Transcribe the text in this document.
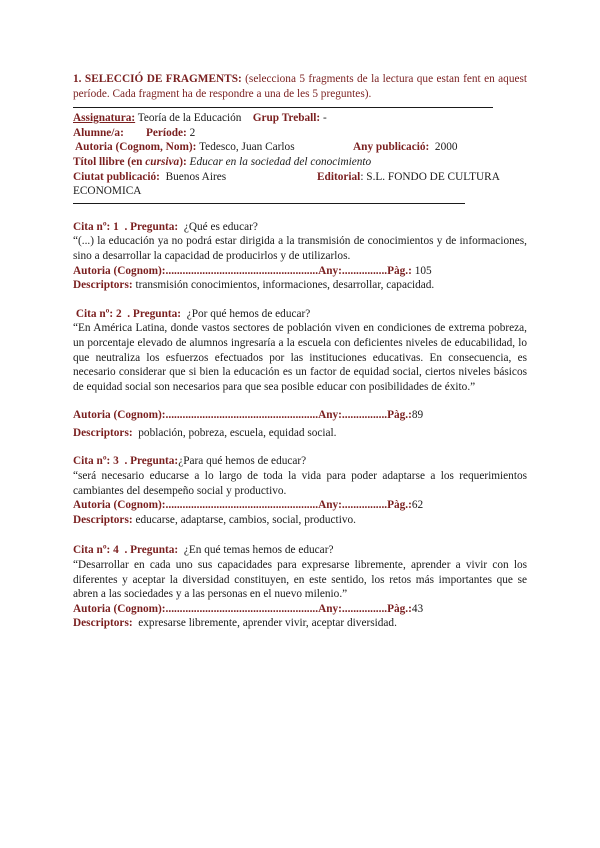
1. SELECCIÓ DE FRAGMENTS: (selecciona 5 fragments de la lectura que estan fent en aquest període. Cada fragment ha de respondre a una de les 5 preguntes).
Assignatura: Teoría de la Educación Grup Treball: -
Alumne/a: Període: 2
Autoria (Cognom, Nom): Tedesco, Juan Carlos	Any publicació: 2000
Títol llibre (en cursiva): Educar en la sociedad del conocimiento
Ciutat publicació: Buenos Aires	Editorial: S.L. FONDO DE CULTURA
ECONOMICA
Cita nº: 1 . Pregunta: ¿Qué es educar?
“(...) la educación ya no podrá estar dirigida a la transmisión de conocimientos y de informaciones, sino a desarrollar la capacidad de producirlos y de utilizarlos.
Autoria (Cognom):......................................................Any:................Pàg.: 105
Descriptors: transmisión conocimientos, informaciones, desarrollar, capacidad.
Cita nº: 2 . Pregunta: ¿Por qué hemos de educar?
“En América Latina, donde vastos sectores de población viven en condiciones de extrema pobreza, un porcentaje elevado de alumnos ingresaría a la escuela con deficientes niveles de educabilidad, lo que neutraliza los esfuerzos efectuados por las instituciones educativas. En consecuencia, es necesario considerar que si bien la educación es un factor de equidad social, ciertos niveles básicos de equidad social son necesarios para que sea posible educar con posibilidades de éxito.”
Autoria (Cognom):......................................................Any:................Pàg.:89
Descriptors: población, pobreza, escuela, equidad social.
Cita nº: 3 . Pregunta:¿Para qué hemos de educar?
“será necesario educarse a lo largo de toda la vida para poder adaptarse a los requerimientos cambiantes del desempeño social y productivo.
Autoria (Cognom):......................................................Any:................Pàg.:62
Descriptors: educarse, adaptarse, cambios, social, productivo.
Cita nº: 4 . Pregunta: ¿En qué temas hemos de educar?
“Desarrollar en cada uno sus capacidades para expresarse libremente, aprender a vivir con los diferentes y aceptar la diversidad constituyen, en este sentido, los retos más importantes que se abren a las sociedades y a las personas en el nuevo milenio.”
Autoria (Cognom):......................................................Any:................Pàg.:43
Descriptors: expresarse libremente, aprender vivir, aceptar diversidad.
